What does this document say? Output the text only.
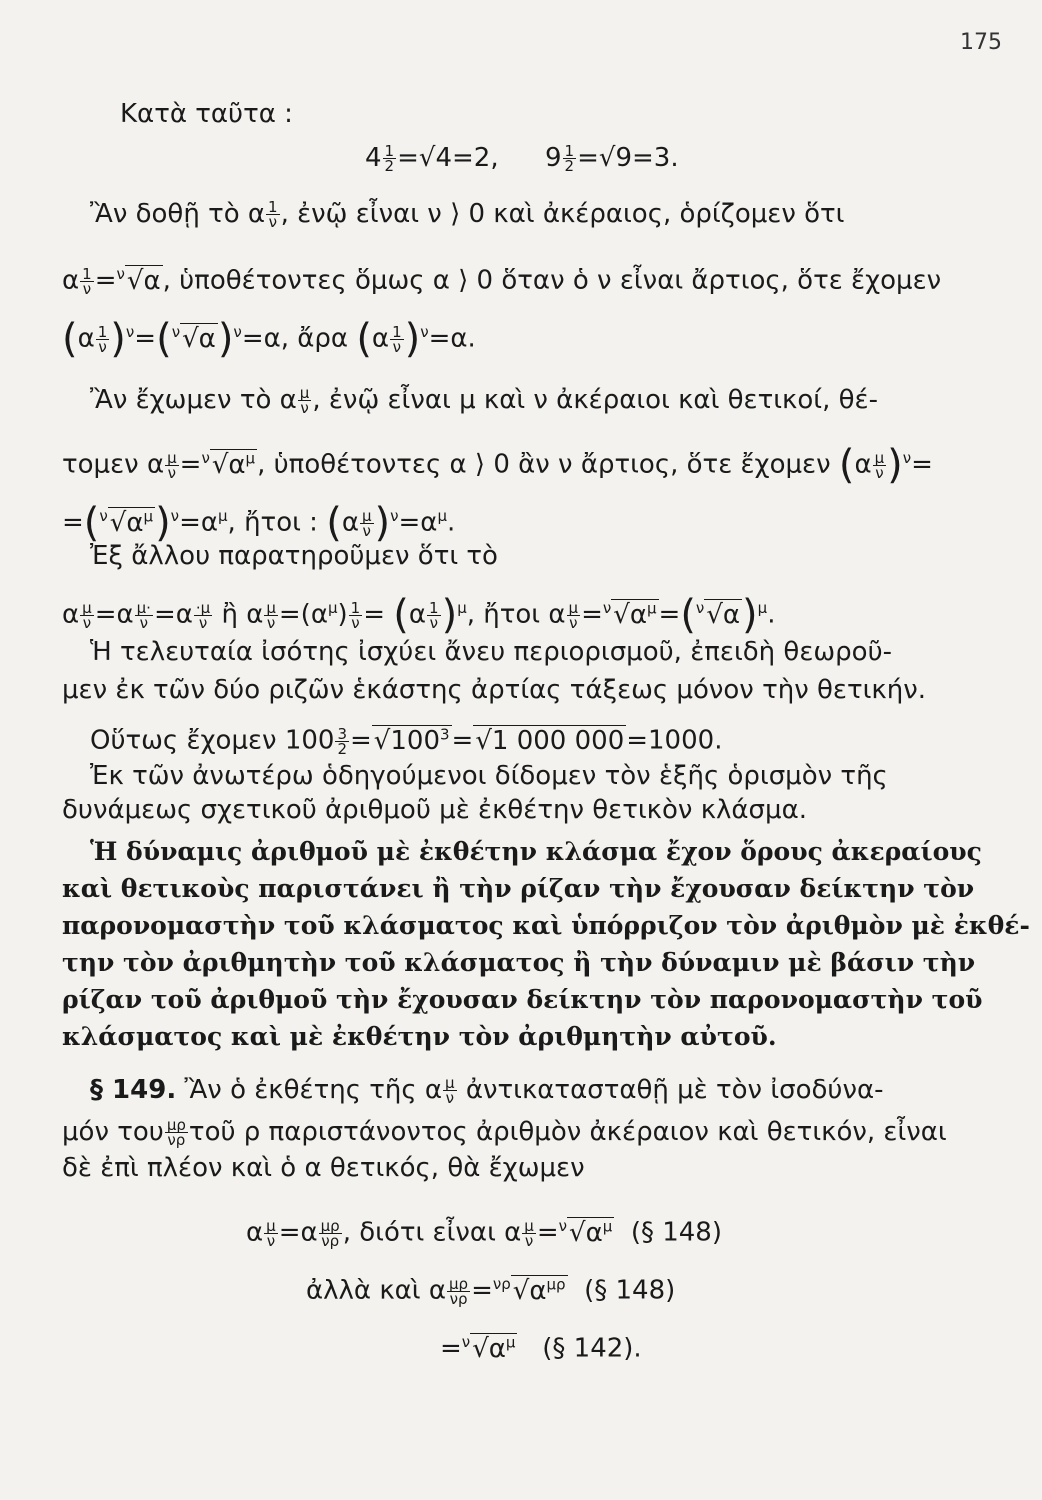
175
Κατὰ ταῦτα :
$4 \frac{1}{2} =√4=2$, $9 \frac{1}{2} =√9=3$.
Ἂν δοθῇ τὸ α $\frac{1}{\nu}$ , ἐνῷ εἶναι ν ⟩ 0 καὶ ἀκέραιος, ὁρίζομεν ὅτι
α $\frac{1}{\nu} =^\nu√\alpha$, ὑποθέτοντες ὅμως α ⟩ 0 ὅταν ὁ ν εἶναι ἄρτιος, ὅτε ἔχομεν
$(\alpha \frac{1}{\nu} )^\nu=(^\nu√\alpha)^\nu=\alpha$, ἄρα $(\alpha \frac{1}{\nu} )^\nu=\alpha$.
Ἂν ἔχωμεν τὸ α $\frac{\mu}{\nu}$ , ἐνῷ εἶναι μ καὶ ν ἀκέραιοι καὶ θετικοί, θέ-
τομεν α $\frac{\mu}{\nu} =^\nu√\alpha^\mu$, ὑποθέτοντες α ⟩ 0 ἂν ν ἄρτιος, ὅτε ἔχομεν $(\alpha \frac{\mu}{\nu} )^\nu=$
$=(^\nu√\alpha^\mu)^\nu=\alpha^\mu$, ἤτοι : $(\alpha \frac{\mu}{\nu} )^\nu=\alpha^\mu$.
Ἐξ ἄλλου παρατηροῦμεν ὅτι τὸ
α $\frac{\mu}{\nu} =\alpha \frac{\mu\cdot}{\nu} =\alpha \frac{\cdot\mu}{\nu}$ ἢ α $\frac{\mu}{\nu} =(\alpha^\mu) \frac{1}{\nu} = (\alpha \frac{1}{\nu} )^\mu$, ἤτοι α $\frac{\mu}{\nu} =^\nu√\alpha^\mu=(^\nu√\alpha)^\mu$.
Ἡ τελευταία ἰσότης ἰσχύει ἄνευ περιορισμοῦ, ἐπειδὴ θεωροῦ-
μεν ἐκ τῶν δύο ριζῶν ἑκάστης ἀρτίας τάξεως μόνον τὴν θετικήν.
Οὕτως ἔχομεν $100 \frac{3}{2} =√100^3=√1$ 000 000=1000.
Ἐκ τῶν ἀνωτέρω ὁδηγούμενοι δίδομεν τὸν ἑξῆς ὁρισμὸν τῆς
δυνάμεως σχετικοῦ ἀριθμοῦ μὲ ἐκθέτην θετικὸν κλάσμα.
Ἡ δύναμις ἀριθμοῦ μὲ ἐκθέτην κλάσμα ἔχον ὅρους ἀκεραίους
καὶ θετικοὺς παριστάνει ἢ τὴν ρίζαν τὴν ἔχουσαν δείκτην τὸν
παρονομαστὴν τοῦ κλάσματος καὶ ὑπόρριζον τὸν ἀριθμὸν μὲ ἐκθέ-
την τὸν ἀριθμητὴν τοῦ κλάσματος ἢ τὴν δύναμιν μὲ βάσιν τὴν
ρίζαν τοῦ ἀριθμοῦ τὴν ἔχουσαν δείκτην τὸν παρονομαστὴν τοῦ
κλάσματος καὶ μὲ ἐκθέτην τὸν ἀριθμητὴν αὐτοῦ.
§ 149. Ἂν ὁ ἐκθέτης τῆς α $\frac{\mu}{\nu}$ ἀντικατασταθῇ μὲ τὸν ἰσοδύνα-
μόν του $\frac{\mu\rho}{\nu\rho}$ τοῦ ρ παριστάνοντος ἀριθμὸν ἀκέραιον καὶ θετικόν, εἶναι
δὲ ἐπὶ πλέον καὶ ὁ α θετικός, θὰ ἔχωμεν
α $\frac{\mu}{\nu} =\alpha \frac{\mu\rho}{\nu\rho}$ , διότι εἶναι α $\frac{\mu}{\nu} =^\nu√\alpha^\mu$ (§ 148)
ἀλλὰ καὶ α $\frac{\mu\rho}{\nu\rho} =^{\nu\rho}√\alpha^{\mu\rho}$ (§ 148)
$=^\nu√\alpha^\mu$ (§ 142).
